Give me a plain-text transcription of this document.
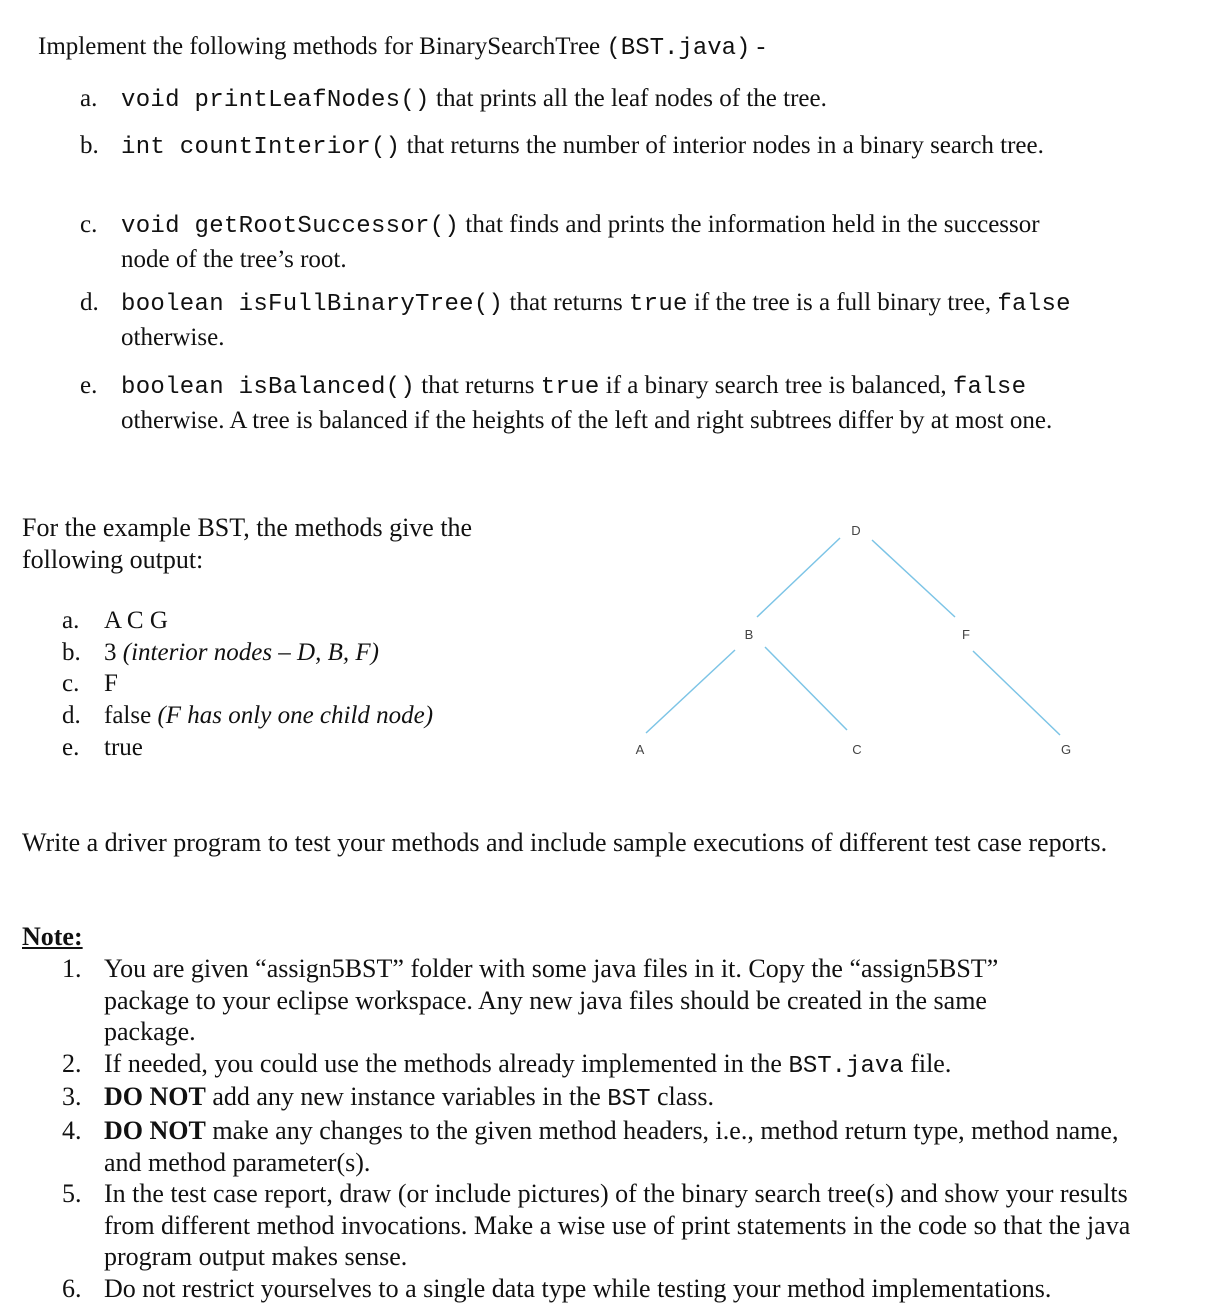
Implement the following methods for BinarySearchTree (BST.java) -
a. void printLeafNodes() that prints all the leaf nodes of the tree.
b. int countInterior() that returns the number of interior nodes in a binary search tree.
c. void getRootSuccessor() that finds and prints the information held in the successor node of the tree’s root.
d. boolean isFullBinaryTree() that returns true if the tree is a full binary tree, false otherwise.
e. boolean isBalanced() that returns true if a binary search tree is balanced, false otherwise. A tree is balanced if the heights of the left and right subtrees differ by at most one.
For the example BST, the methods give the following output:
a. A C G
b. 3 (interior nodes – D, B, F)
c. F
d. false (F has only one child node)
e. true
D
B	F
A	C	G
Write a driver program to test your methods and include sample executions of different test case reports.
Note:
1. You are given “assign5BST” folder with some java files in it. Copy the “assign5BST” package to your eclipse workspace. Any new java files should be created in the same package.
2. If needed, you could use the methods already implemented in the BST.java file.
3. DO NOT add any new instance variables in the BST class.
4. DO NOT make any changes to the given method headers, i.e., method return type, method name, and method parameter(s).
5. In the test case report, draw (or include pictures) of the binary search tree(s) and show your results from different method invocations. Make a wise use of print statements in the code so that the java program output makes sense.
6. Do not restrict yourselves to a single data type while testing your method implementations.
